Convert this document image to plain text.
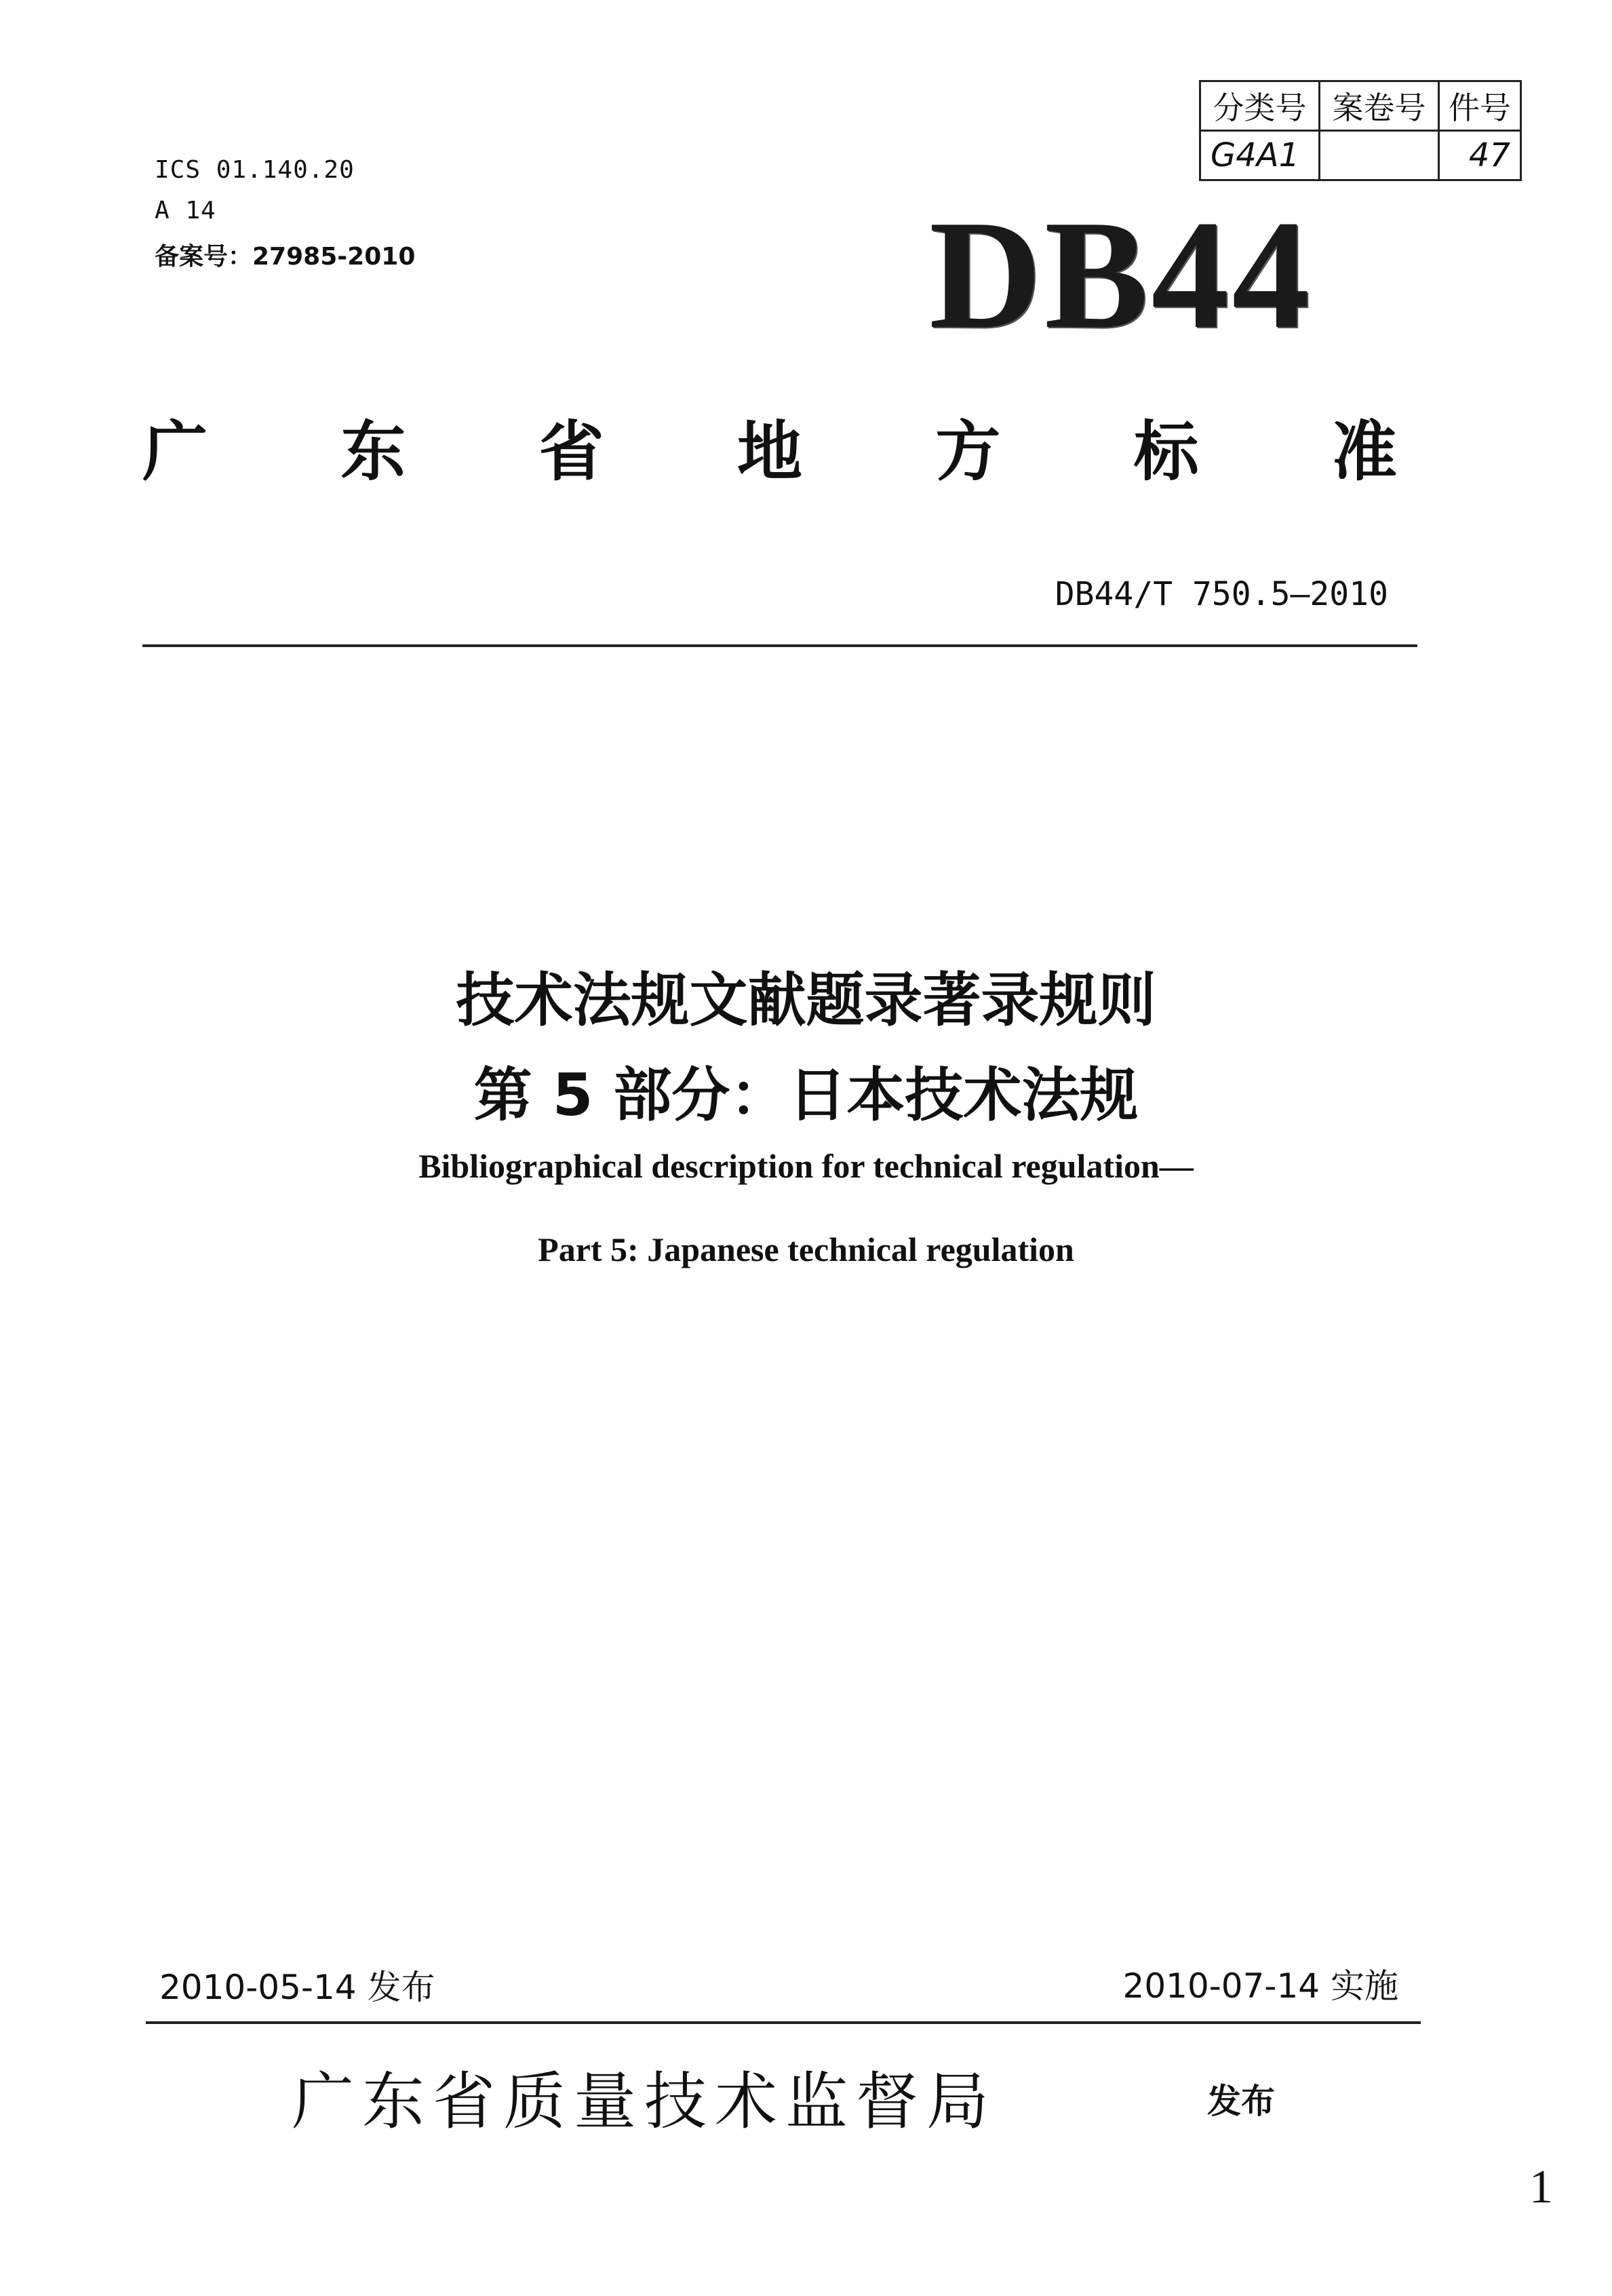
ICS 01.140.20
A 14
备案号：27985-2010
分类号	案卷号	件号
G4A1		47
DB44
广 东 省 地 方 标 准
DB44/T 750.5—2010
技术法规文献题录著录规则
第 5 部分：日本技术法规
Bibliographical description for technical regulation—
Part 5: Japanese technical regulation
2010-05-14 发布	2010-07-14 实施
广东省质量技术监督局	发布
1
